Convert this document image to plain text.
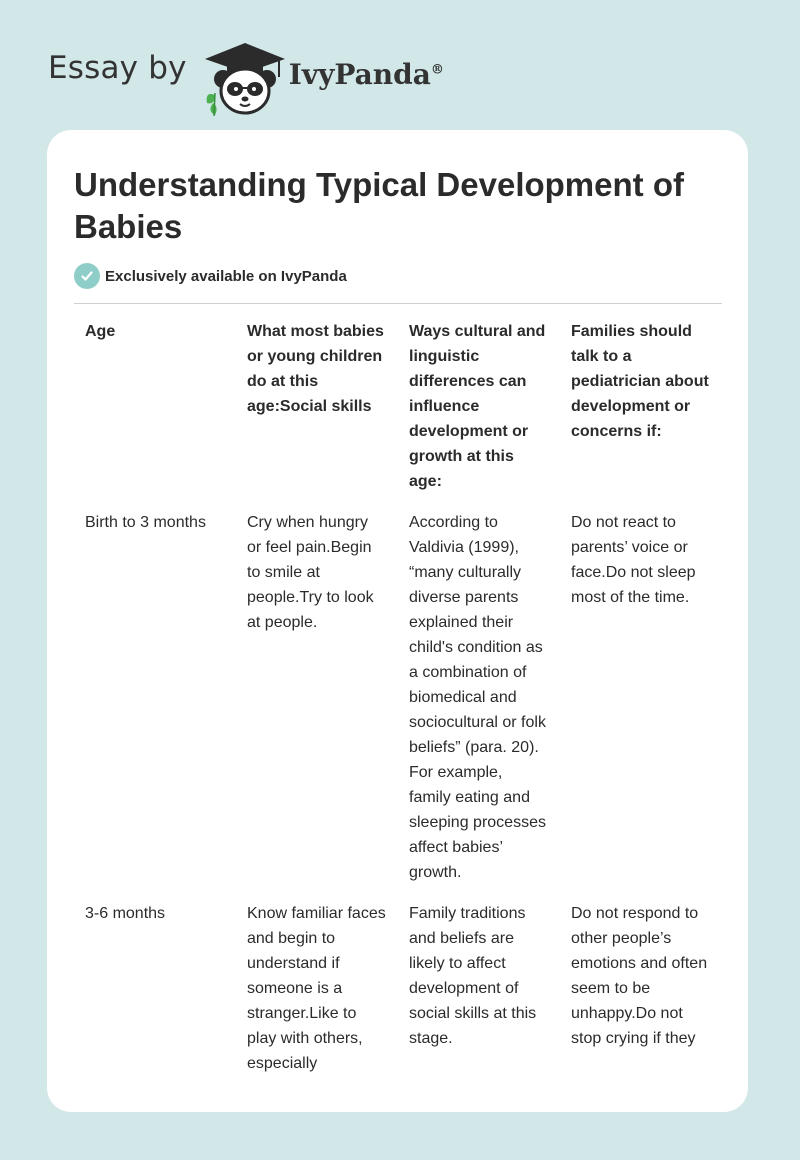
Essay by	IvyPanda®
Understanding Typical Development of Babies
Exclusively available on IvyPanda
Age	What most babies or young children do at this age:Social skills	Ways cultural and linguistic differences can influence development or growth at this age:	Families should talk to a pediatrician about development or concerns if:
Birth to 3 months	Cry when hungry or feel pain.Begin to smile at people.Try to look at people.	According to Valdivia (1999), “many culturally diverse parents explained their child's condition as a combination of biomedical and sociocultural or folk beliefs” (para. 20). For example, family eating and sleeping processes affect babies’ growth.	Do not react to parents’ voice or face.Do not sleep most of the time.
3-6 months	Know familiar faces and begin to understand if someone is a stranger.Like to play with others, especially	Family traditions and beliefs are likely to affect development of social skills at this stage.	Do not respond to other people’s emotions and often seem to be unhappy.Do not stop crying if they
